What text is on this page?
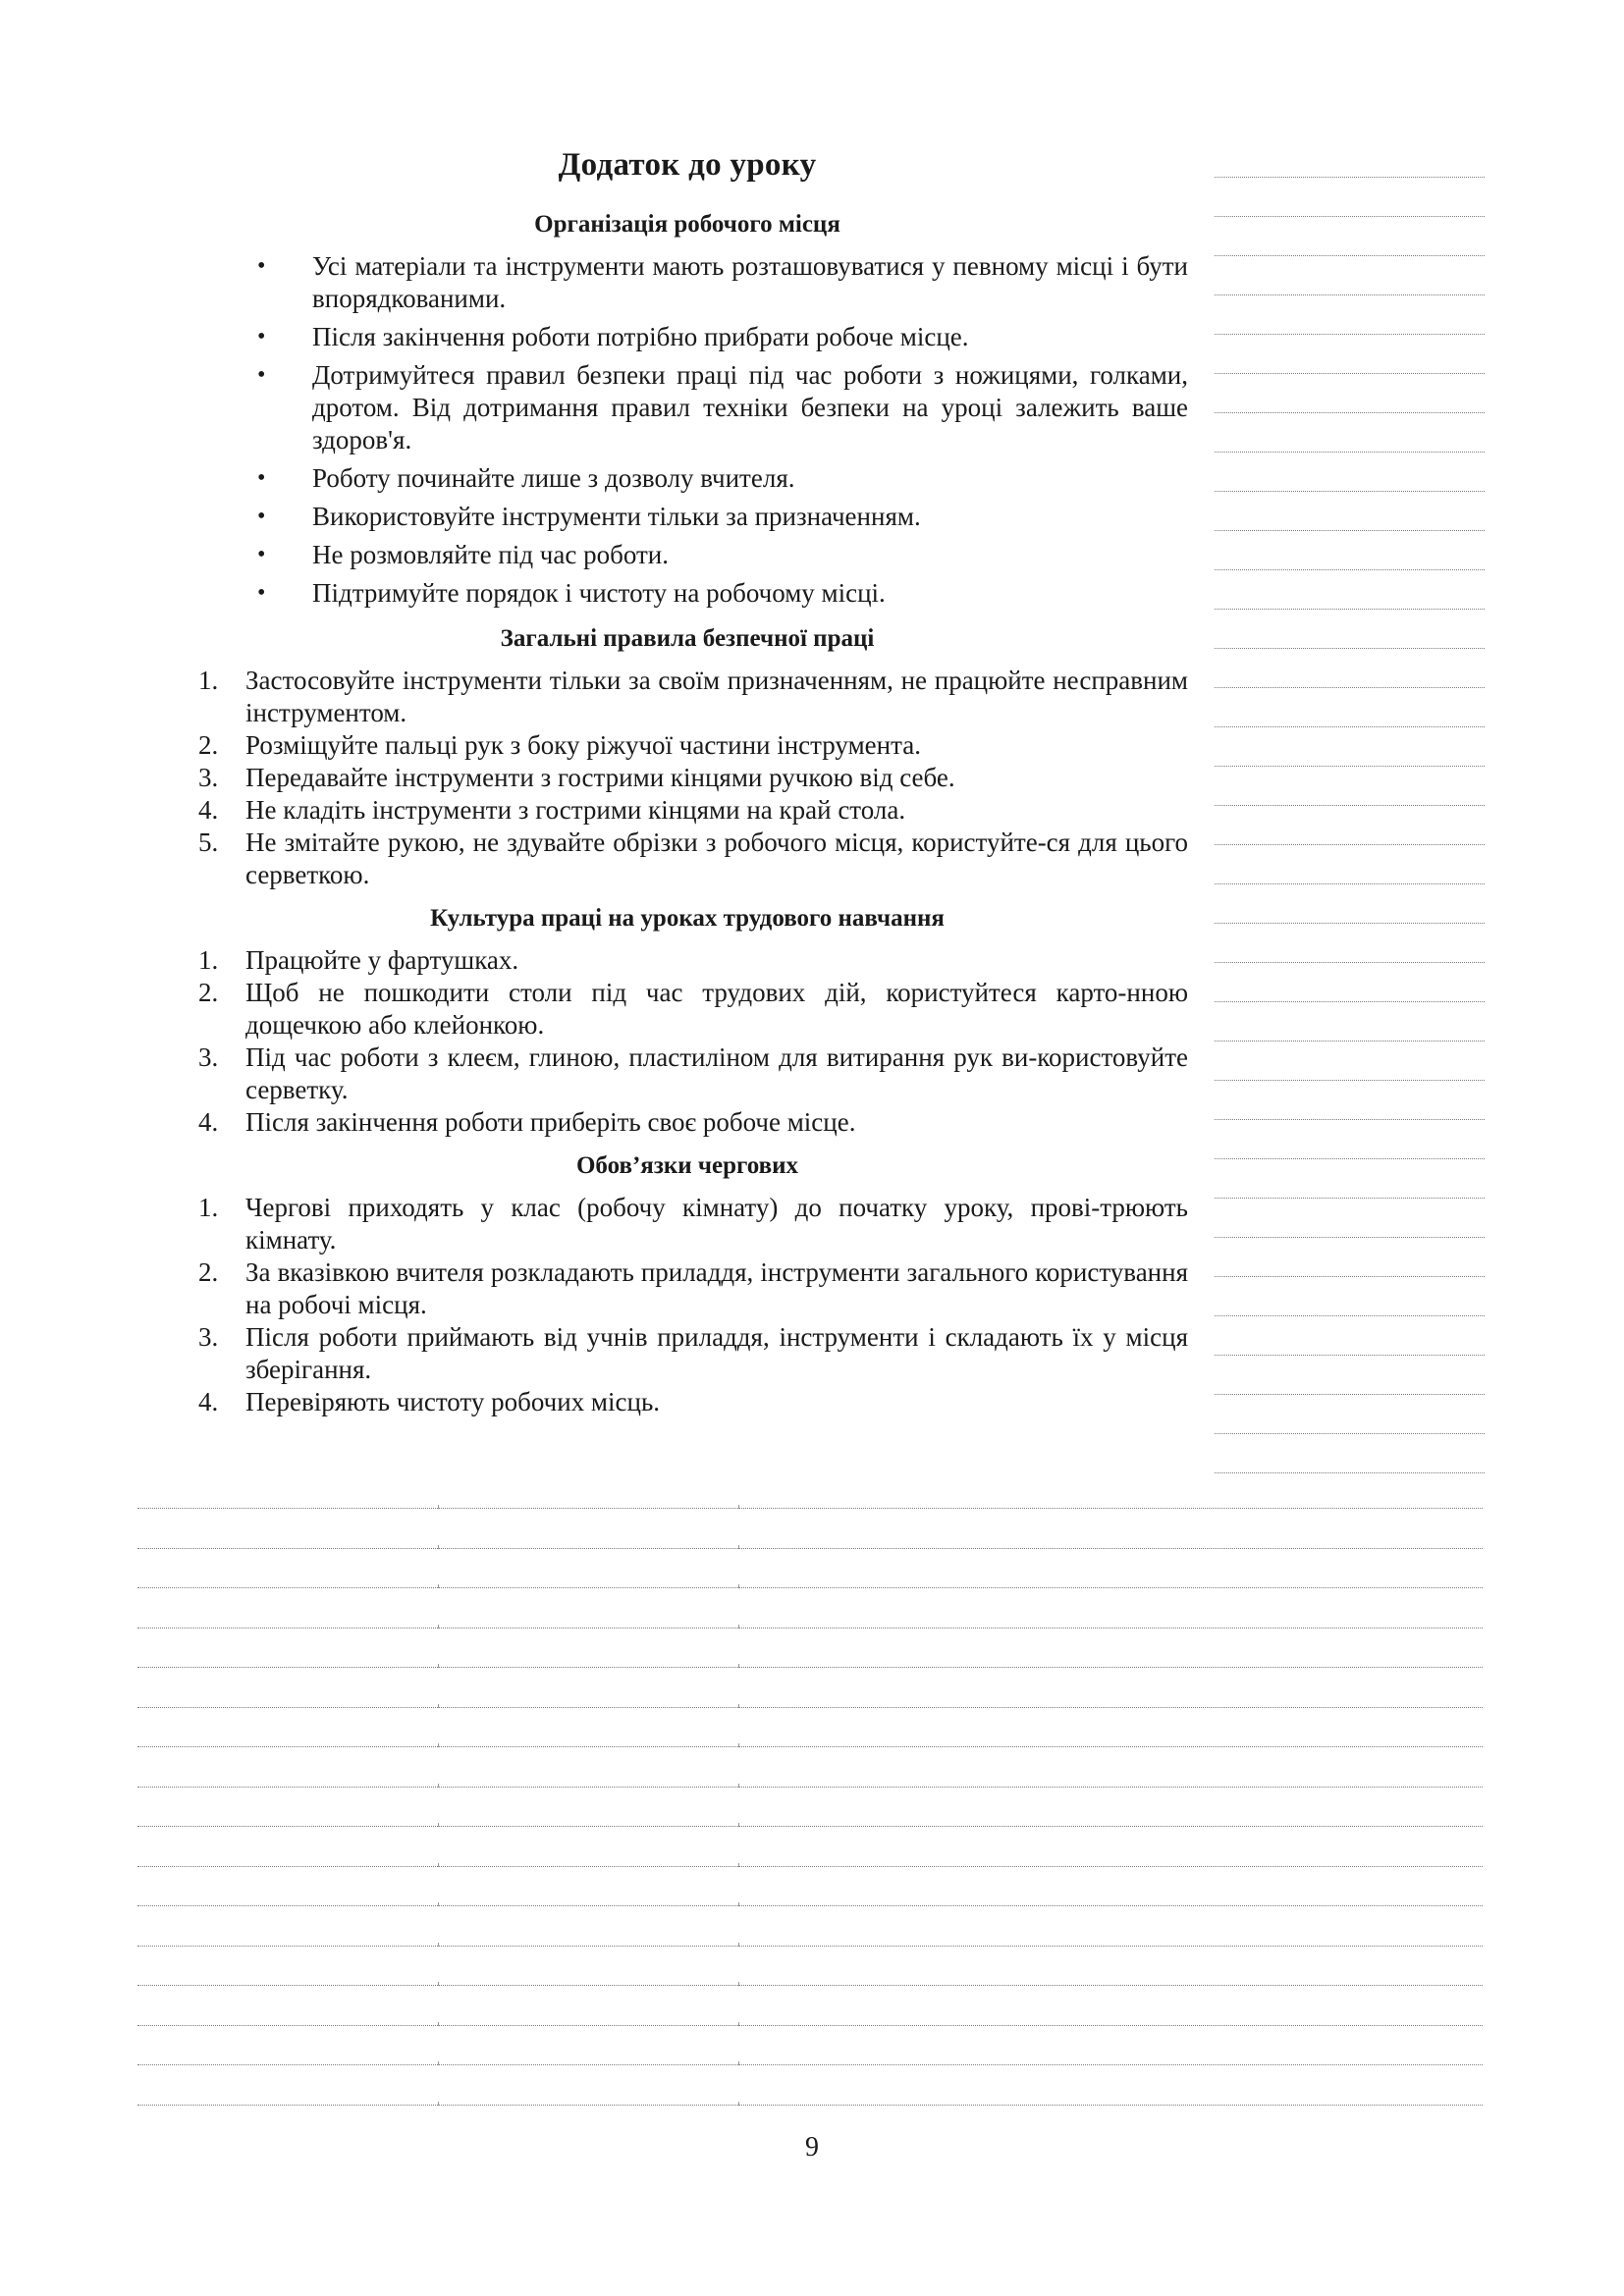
Додаток до уроку
Організація робочого місця
• Усі матеріали та інструменти мають розташовуватися у певному місці і бути впорядкованими.
• Після закінчення роботи потрібно прибрати робоче місце.
• Дотримуйтеся правил безпеки праці під час роботи з ножицями, голками, дротом. Від дотримання правил техніки безпеки на уроці залежить ваше здоров'я.
• Роботу починайте лише з дозволу вчителя.
• Використовуйте інструменти тільки за призначенням.
• Не розмовляйте під час роботи.
• Підтримуйте порядок і чистоту на робочому місці.
Загальні правила безпечної праці
1. Застосовуйте інструменти тільки за своїм призначенням, не працюйте несправним інструментом.
2. Розміщуйте пальці рук з боку ріжучої частини інструмента.
3. Передавайте інструменти з гострими кінцями ручкою від себе.
4. Не кладіть інструменти з гострими кінцями на край стола.
5. Не змітайте рукою, не здувайте обрізки з робочого місця, користуйте-ся для цього серветкою.
Культура праці на уроках трудового навчання
1. Працюйте у фартушках.
2. Щоб не пошкодити столи під час трудових дій, користуйтеся карто-нною дощечкою або клейонкою.
3. Під час роботи з клеєм, глиною, пластиліном для витирання рук ви-користовуйте серветку.
4. Після закінчення роботи приберіть своє робоче місце.
Обов’язки чергових
1. Чергові приходять у клас (робочу кімнату) до початку уроку, прові-трюють кімнату.
2. За вказівкою вчителя розкладають приладдя, інструменти загального користування на робочі місця.
3. Після роботи приймають від учнів приладдя, інструменти і складають їх у місця зберігання.
4. Перевіряють чистоту робочих місць.
9
